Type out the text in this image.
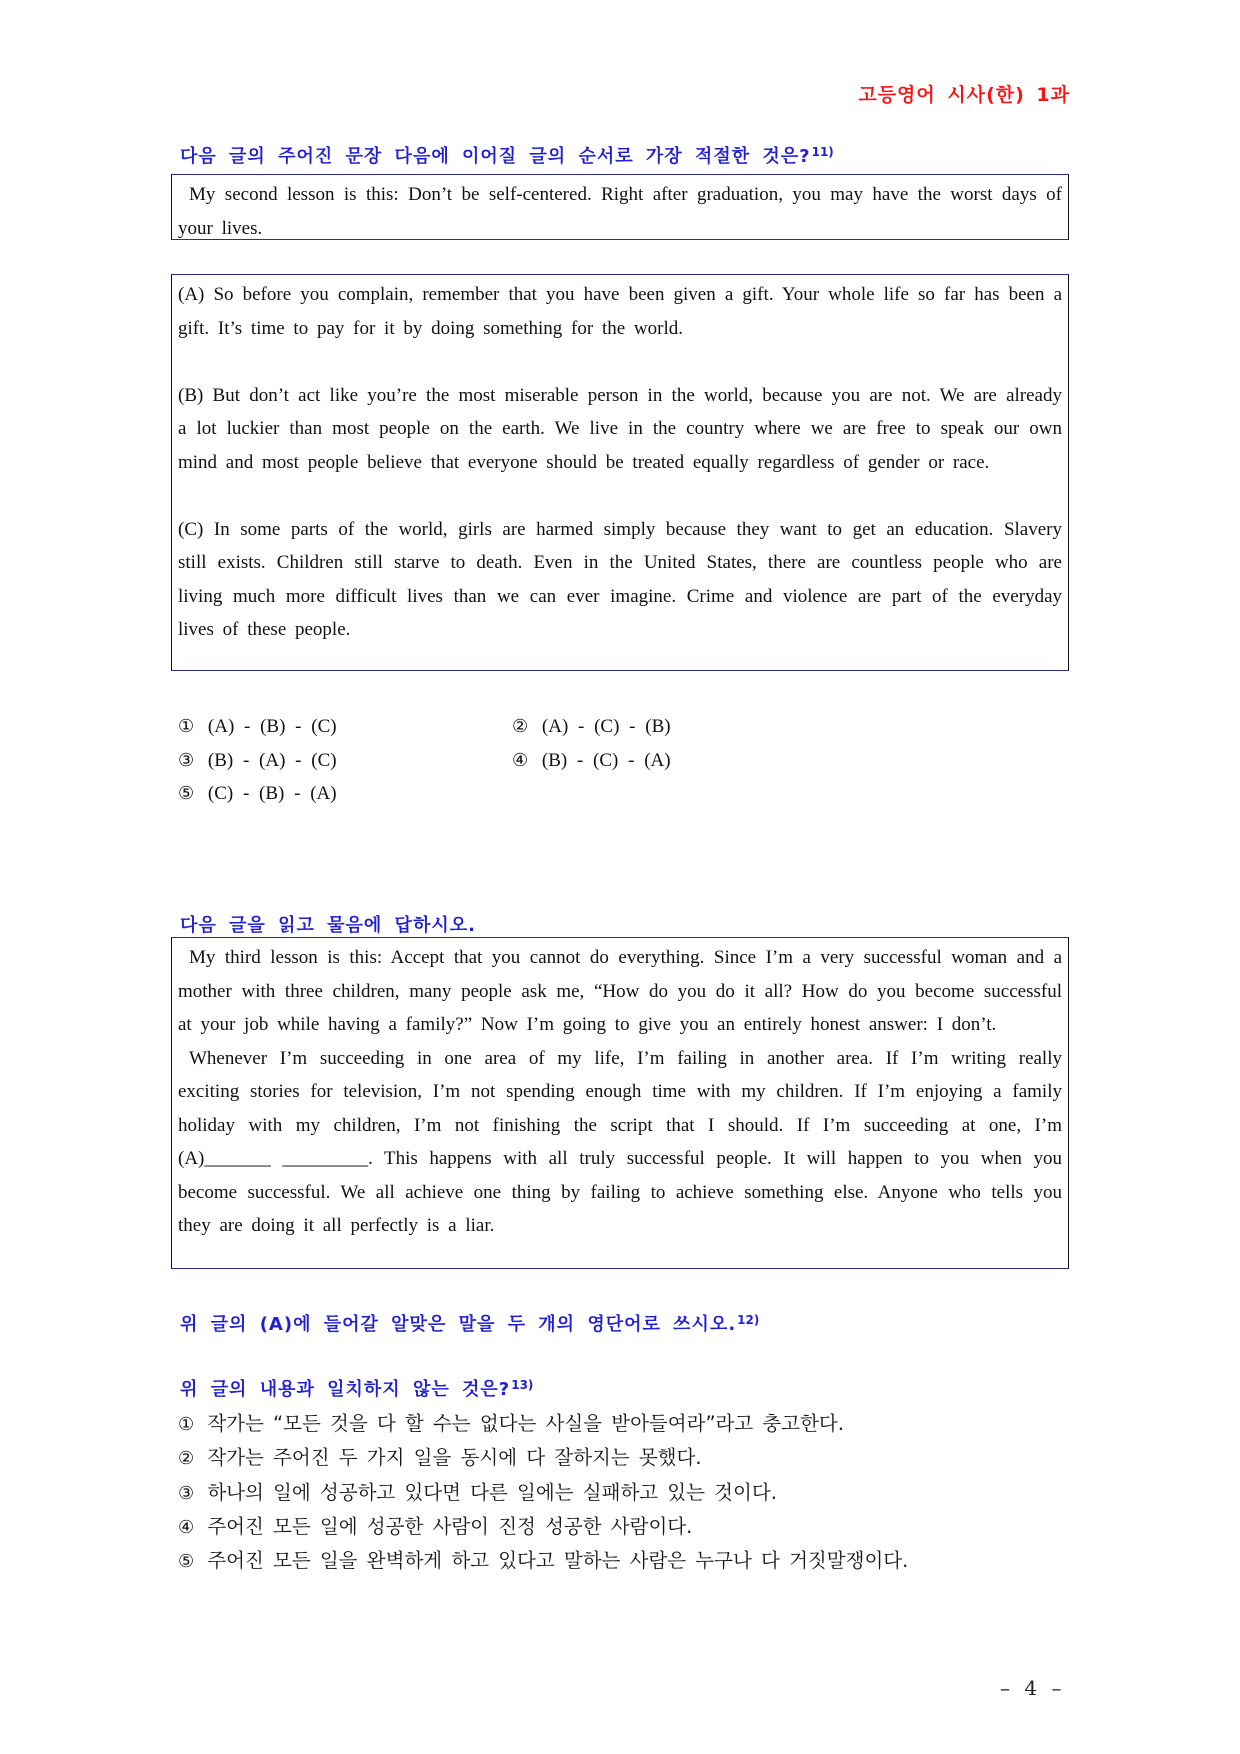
고등영어 시사(한) 1과
다음 글의 주어진 문장 다음에 이어질 글의 순서로 가장 적절한 것은?$^{11)}$

My second lesson is this: Don’t be self-centered. Right after graduation, you may have the worst days of your lives.

(A) So before you complain, remember that you have been given a gift. Your whole life so far has been a gift. It’s time to pay for it by doing something for the world.

(B) But don’t act like you’re the most miserable person in the world, because you are not. We are already a lot luckier than most people on the earth. We live in the country where we are free to speak our own mind and most people believe that everyone should be treated equally regardless of gender or race.

(C) In some parts of the world, girls are harmed simply because they want to get an education. Slavery still exists. Children still starve to death. Even in the United States, there are countless people who are living much more difficult lives than we can ever imagine. Crime and violence are part of the everyday lives of these people.

① (A) - (B) - (C)	② (A) - (C) - (B)
③ (B) - (A) - (C)	④ (B) - (C) - (A)
⑤ (C) - (B) - (A)
다음 글을 읽고 물음에 답하시오.

My third lesson is this: Accept that you cannot do everything. Since I’m a very successful woman and a mother with three children, many people ask me, “How do you do it all? How do you become successful at your job while having a family?” Now I’m going to give you an entirely honest answer: I don’t.

Whenever I’m succeeding in one area of my life, I’m failing in another area. If I’m writing really exciting stories for television, I’m not spending enough time with my children. If I’m enjoying a family holiday with my children, I’m not finishing the script that I should. If I’m succeeding at one, I’m (A)_______ _________. This happens with all truly successful people. It will happen to you when you become successful. We all achieve one thing by failing to achieve something else. Anyone who tells you they are doing it all perfectly is a liar.

위 글의 (A)에 들어갈 알맞은 말을 두 개의 영단어로 쓰시오.$^{12)}$
위 글의 내용과 일치하지 않는 것은?$^{13)}$
① 작가는 “모든 것을 다 할 수는 없다는 사실을 받아들여라”라고 충고한다.
② 작가는 주어진 두 가지 일을 동시에 다 잘하지는 못했다.
③ 하나의 일에 성공하고 있다면 다른 일에는 실패하고 있는 것이다.
④ 주어진 모든 일에 성공한 사람이 진정 성공한 사람이다.
⑤ 주어진 모든 일을 완벽하게 하고 있다고 말하는 사람은 누구나 다 거짓말쟁이다.
– 4 –
